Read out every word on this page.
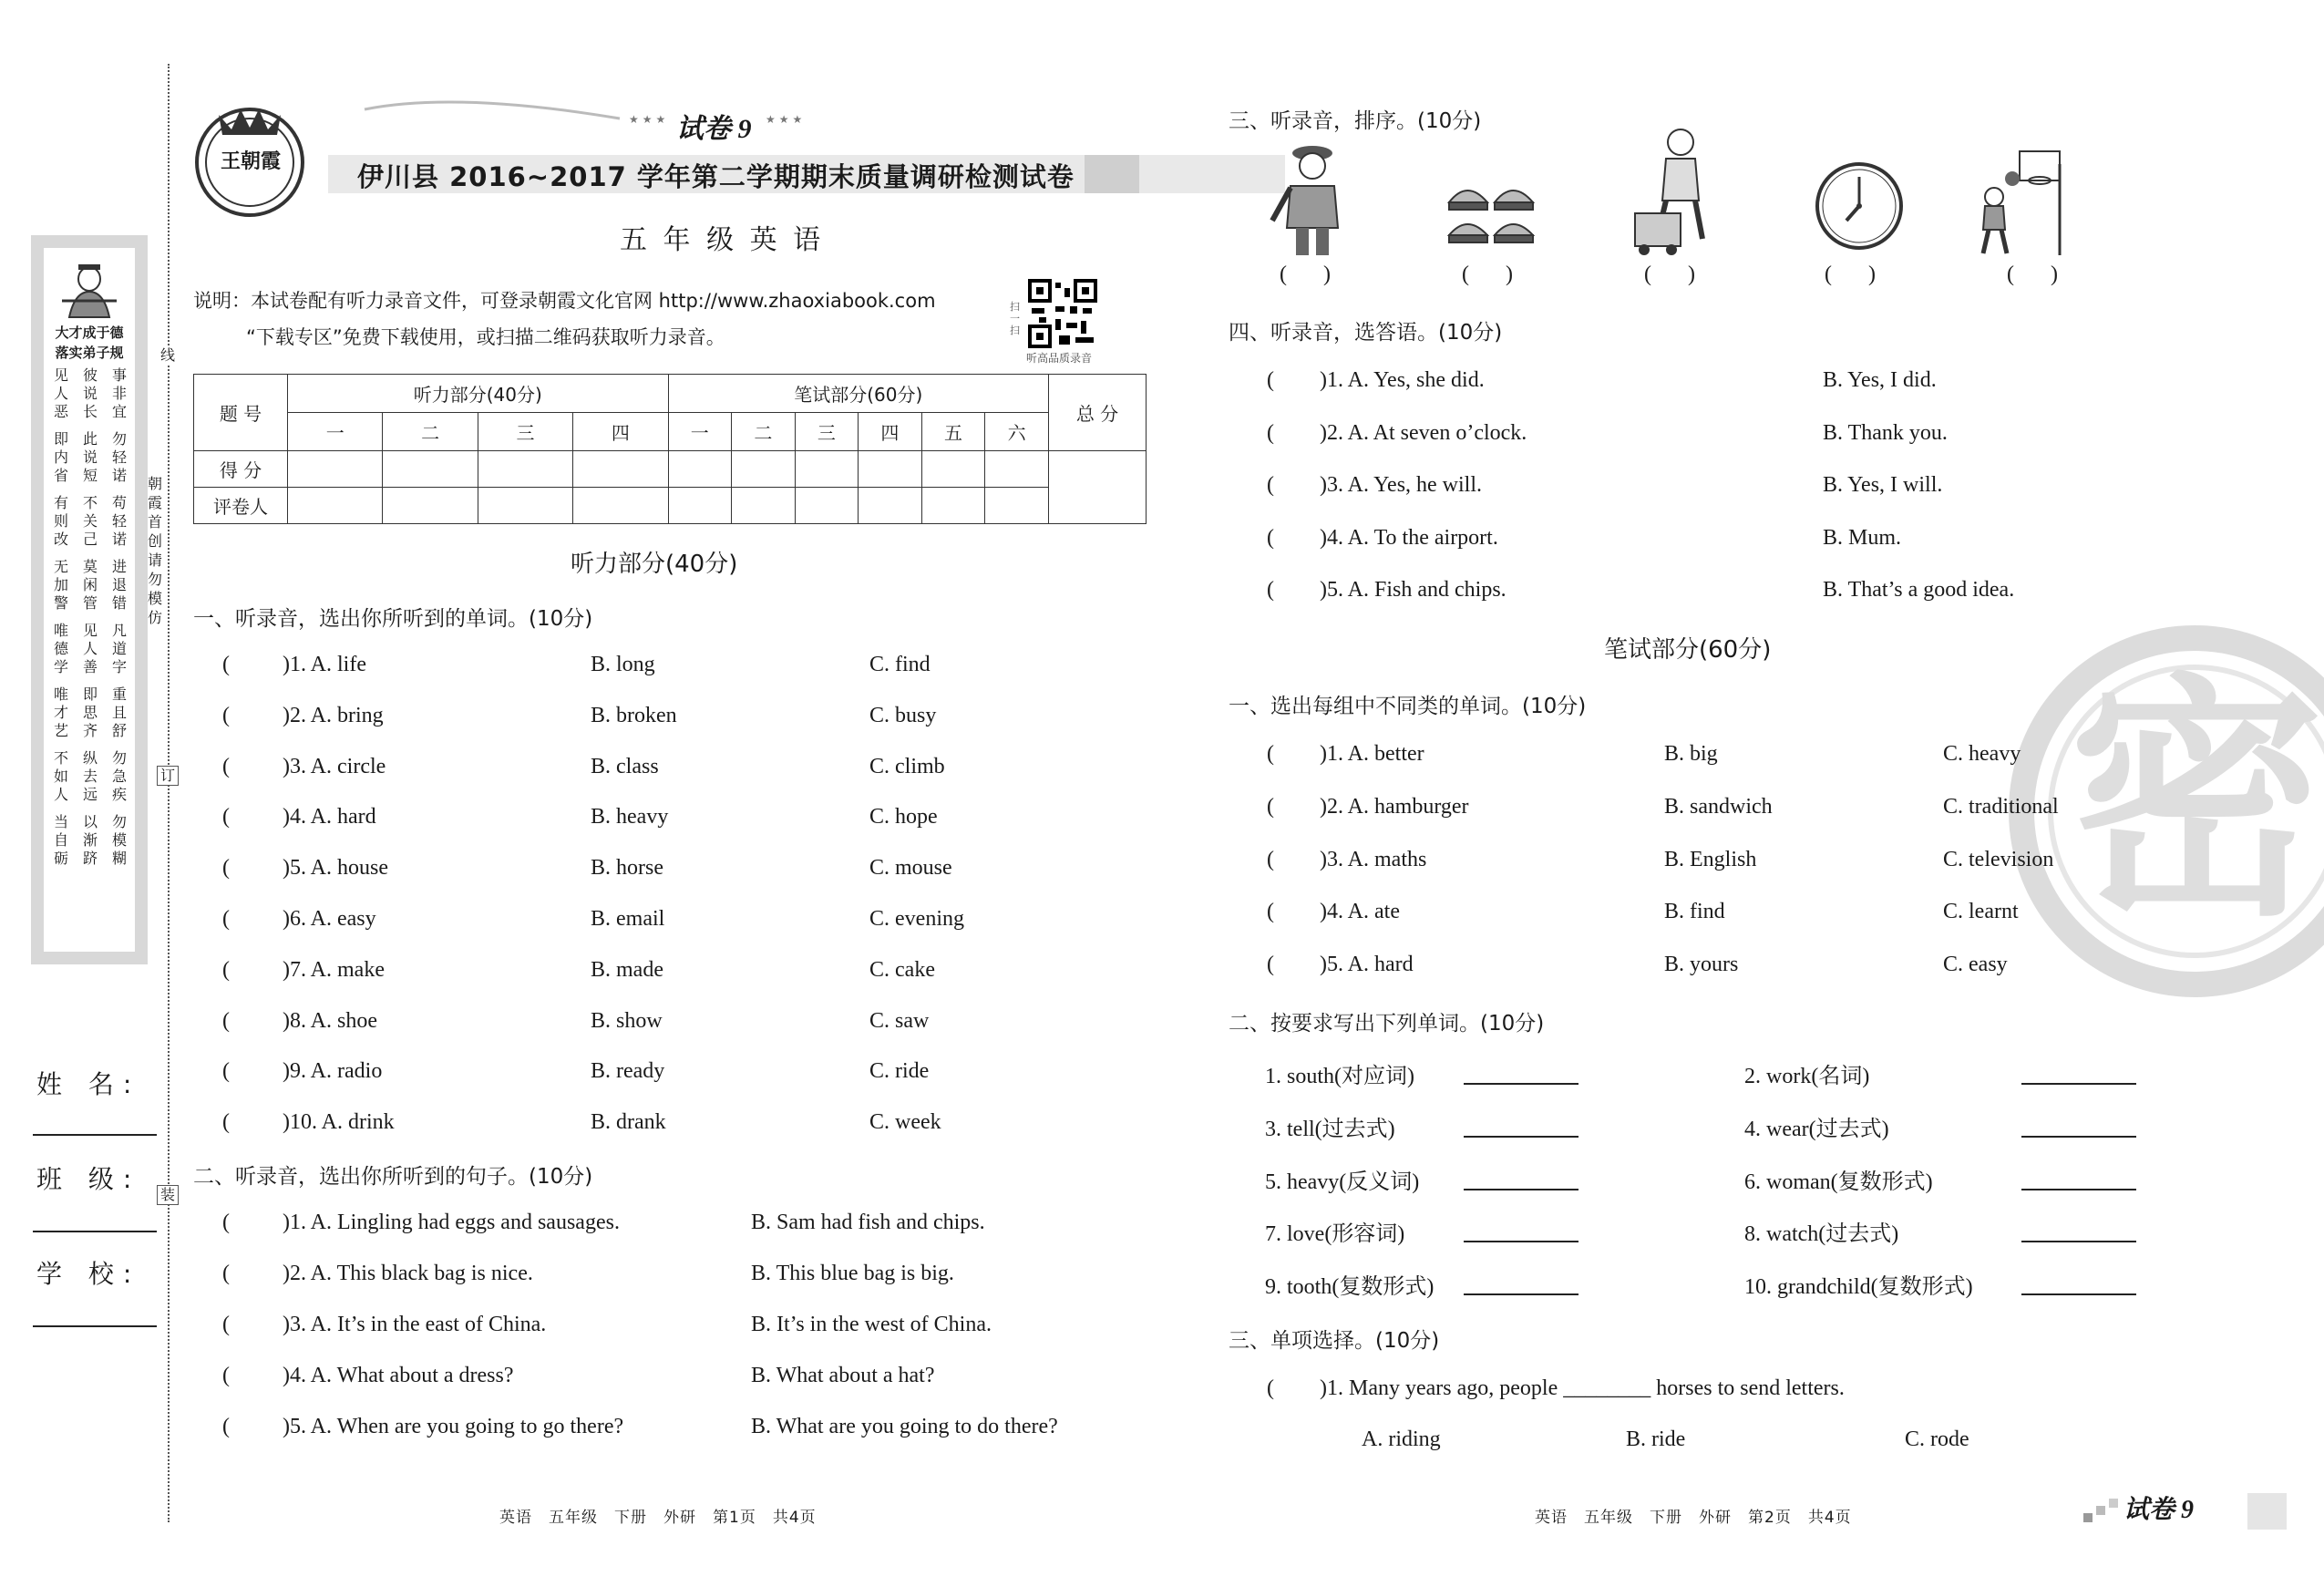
大才成于德
落实弟子规
见人恶
彼说长
事非宜
即内省
此说短
勿轻诺
有则改
不关己
苟轻诺
无加警
莫闲管
进退错
唯德学
见人善
凡道字
唯才艺
即思齐
重且舒
不如人
纵去远
勿急疾
当自砺
以渐跻
勿模糊
线
订
装
朝霞首创 请勿模仿
姓 名:
班 级:
学 校:
王朝霞
★★★ 试卷 9 ★★★
伊川县 2016~2017 学年第二学期期末质量调研检测试卷
五 年 级 英 语
说明：本试卷配有听力录音文件，可登录朝霞文化官网 http://www.zhaoxiabook.com
“下载专区”免费下载使用，或扫描二维码获取听力录音。
扫一扫
听高品质录音
题 号	听力部分(40分)				笔试部分(60分)						总 分
	一	二	三	四	一	二	三	四	五	六	
得 分											
评卷人											
听力部分(40分)
一、听录音，选出你所听到的单词。(10分)
二、听录音，选出你所听到的句子。(10分)
英语　五年级　下册　外研　第1页　共4页
密
三、听录音，排序。(10分)
四、听录音，选答语。(10分)
笔试部分(60分)
一、选出每组中不同类的单词。(10分)
二、按要求写出下列单词。(10分)
三、单项选择。(10分)
( )1. Many years ago, people ________ horses to send letters.
A. riding	B. ride	C. rode
英语　五年级　下册　外研　第2页　共4页	试卷 9
( )1. A. life	B. long	C. find
( )2. A. bring	B. broken	C. busy
( )3. A. circle	B. class	C. climb
( )4. A. hard	B. heavy	C. hope
( )5. A. house	B. horse	C. mouse
( )6. A. easy	B. email	C. evening
( )7. A. make	B. made	C. cake
( )8. A. shoe	B. show	C. saw
( )9. A. radio	B. ready	C. ride
( )10. A. drink	B. drank	C. week
( )1. A. Lingling had eggs and sausages.	B. Sam had fish and chips.
( )2. A. This black bag is nice.	B. This blue bag is big.
( )3. A. It’s in the east of China.	B. It’s in the west of China.
( )4. A. What about a dress?	B. What about a hat?
( )5. A. When are you going to go there?	B. What are you going to do there?
()	()	()	()	()
( )1. A. Yes, she did.	B. Yes, I did.
( )2. A. At seven o’clock.	B. Thank you.
( )3. A. Yes, he will.	B. Yes, I will.
( )4. A. To the airport.	B. Mum.
( )5. A. Fish and chips.	B. That’s a good idea.
( )1. A. better	B. big	C. heavy
( )2. A. hamburger	B. sandwich	C. traditional
( )3. A. maths	B. English	C. television
( )4. A. ate	B. find	C. learnt
( )5. A. hard	B. yours	C. easy
1. south(对应词)
3. tell(过去式)
5. heavy(反义词)
7. love(形容词)
9. tooth(复数形式)
2. work(名词)
4. wear(过去式)
6. woman(复数形式)
8. watch(过去式)
10. grandchild(复数形式)
